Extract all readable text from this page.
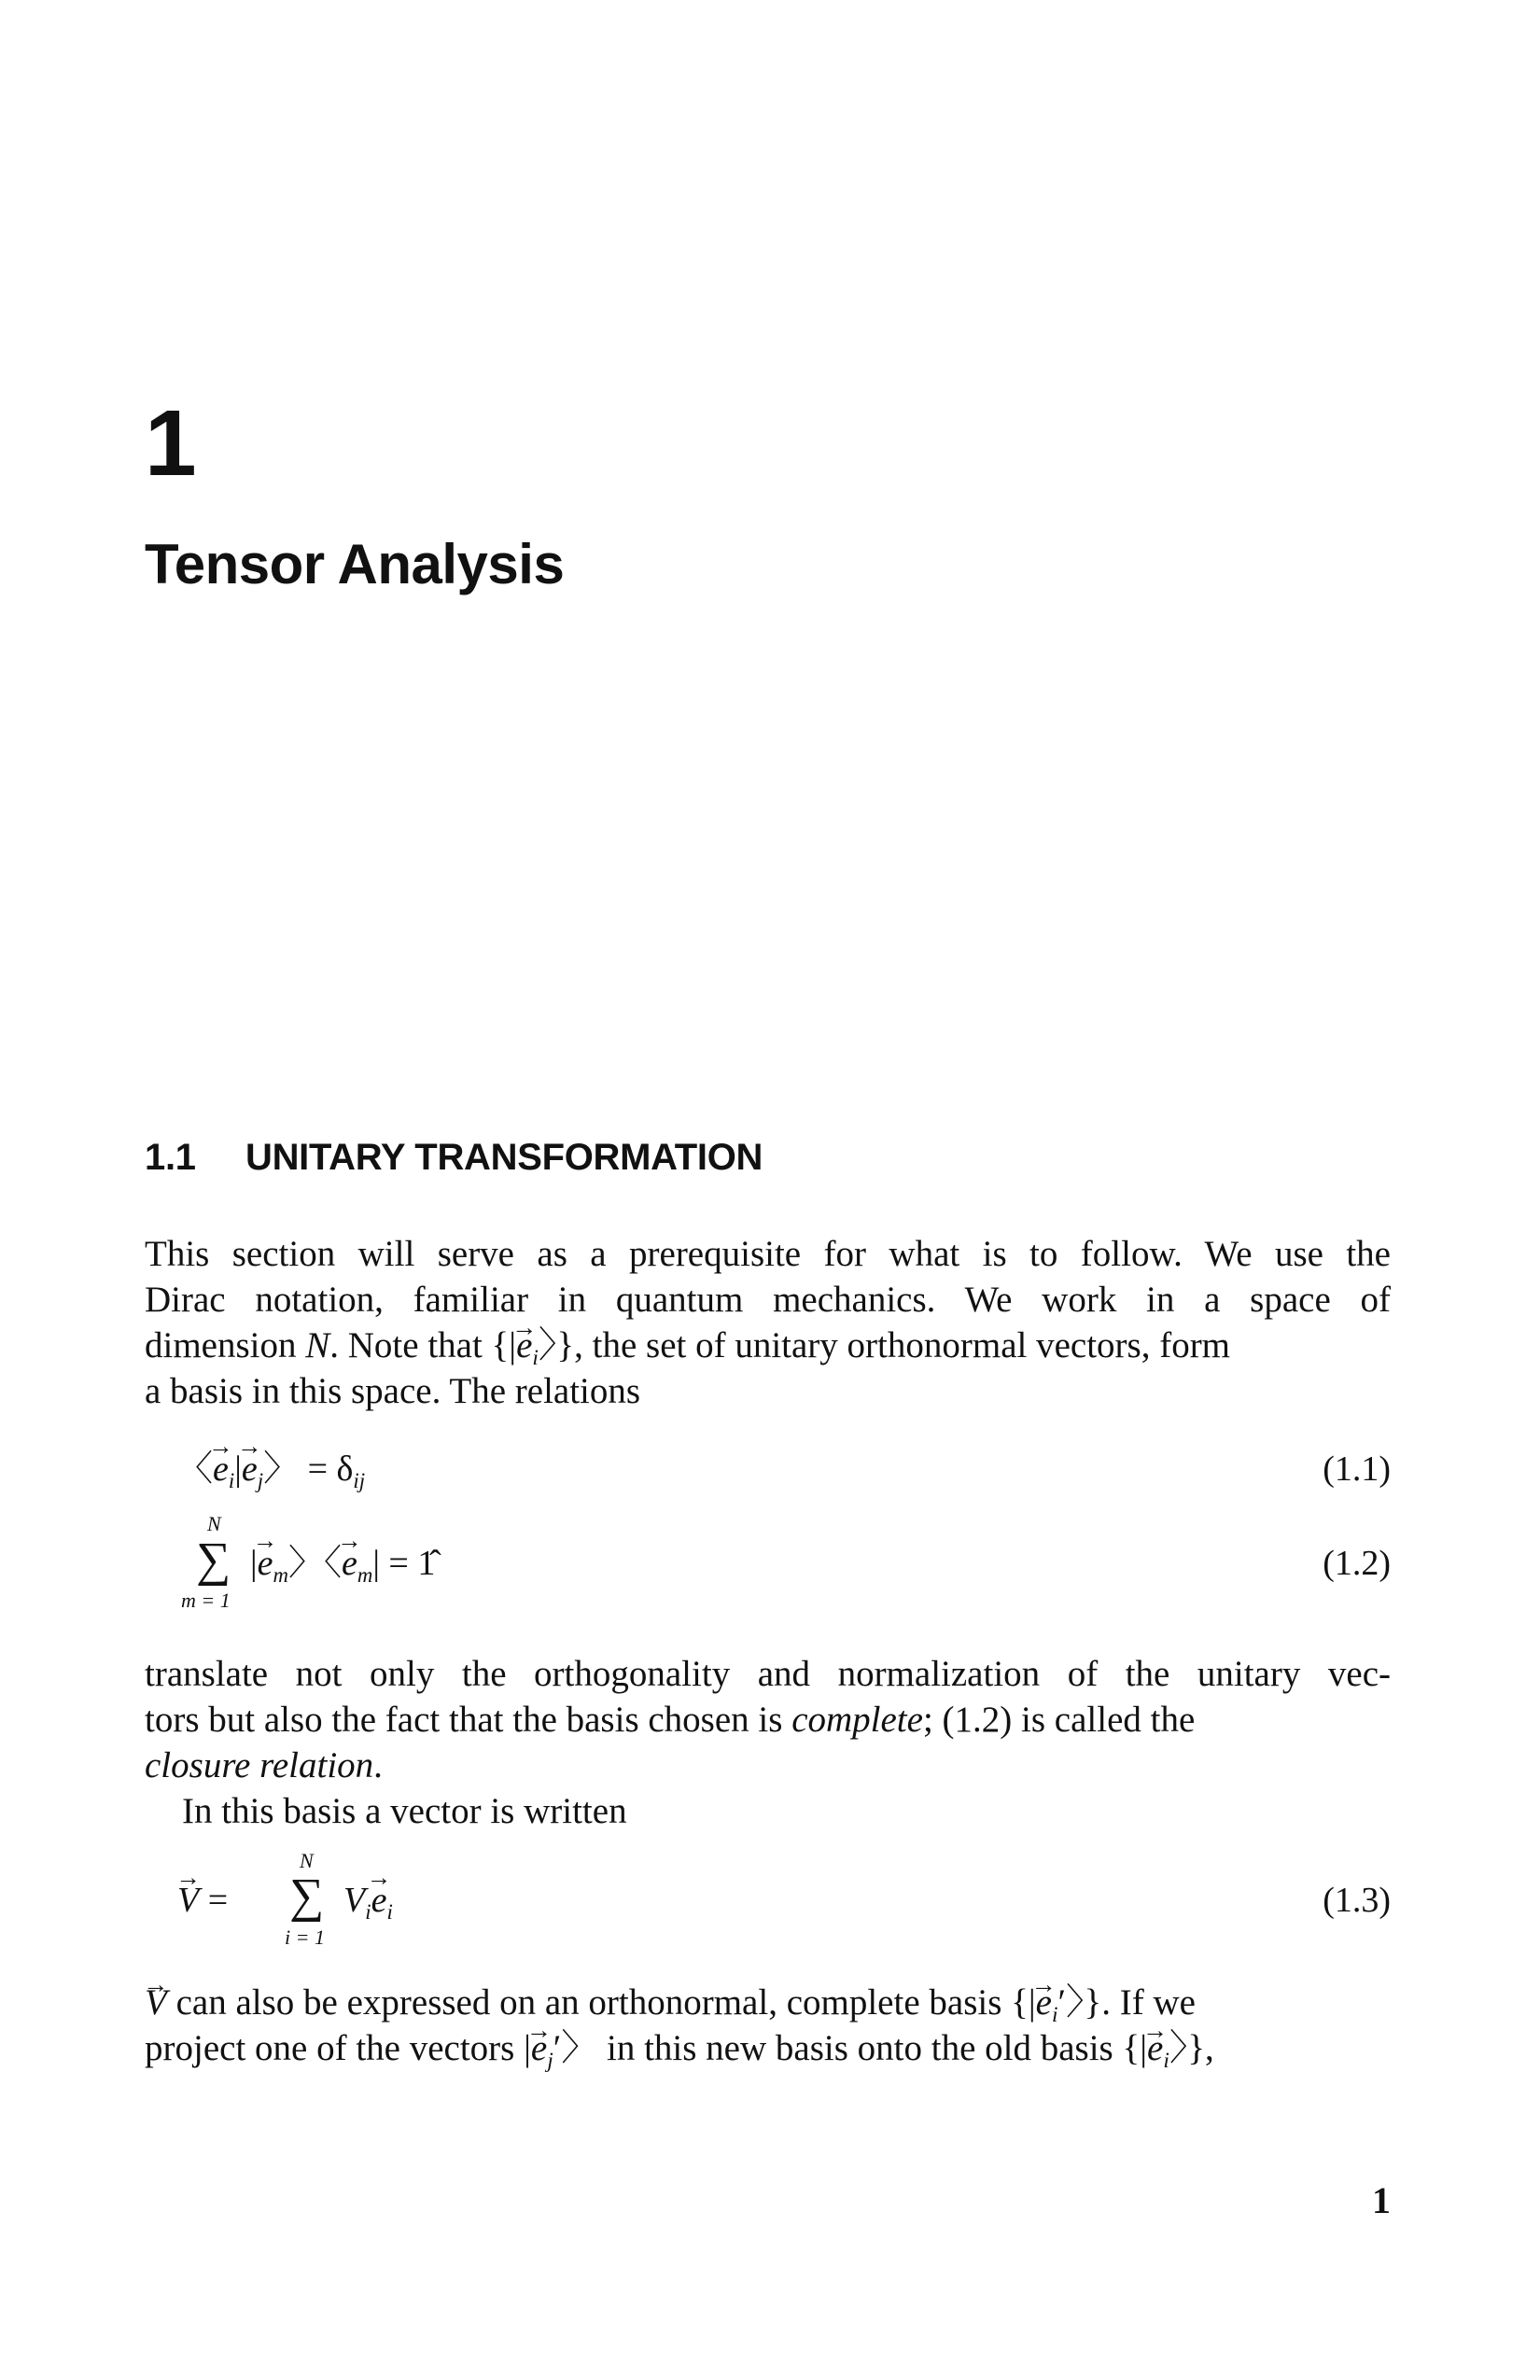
1
Tensor Analysis
1.1 UNITARY TRANSFORMATION
This section will serve as a prerequisite for what is to follow. We use the
Dirac notation, familiar in quantum mechanics. We work in a space of
dimension N. Note that {|→ $e_i$〉}, the set of unitary orthonormal vectors, form
a basis in this space. The relations
〈→ $e_i|\to e_j$〉 = $\delta_{ij}$	(1.1)
N
∑ |→ $e_m$〉〈→ $e_m|$ = 1̂
m = 1
(1.2)
translate not only the orthogonality and normalization of the unitary vec-
tors but also the fact that the basis chosen is complete; (1.2) is called the
closure relation.
In this basis a vector is written
N
→ V = ∑ $V_i\to e_i$
i = 1
(1.3)
→ V can also be expressed on an orthonormal, complete basis {|→ $e_i'$〉}. If we
project one of the vectors |→ $e_j'$〉 in this new basis onto the old basis {|→ $e_i$〉},
1
